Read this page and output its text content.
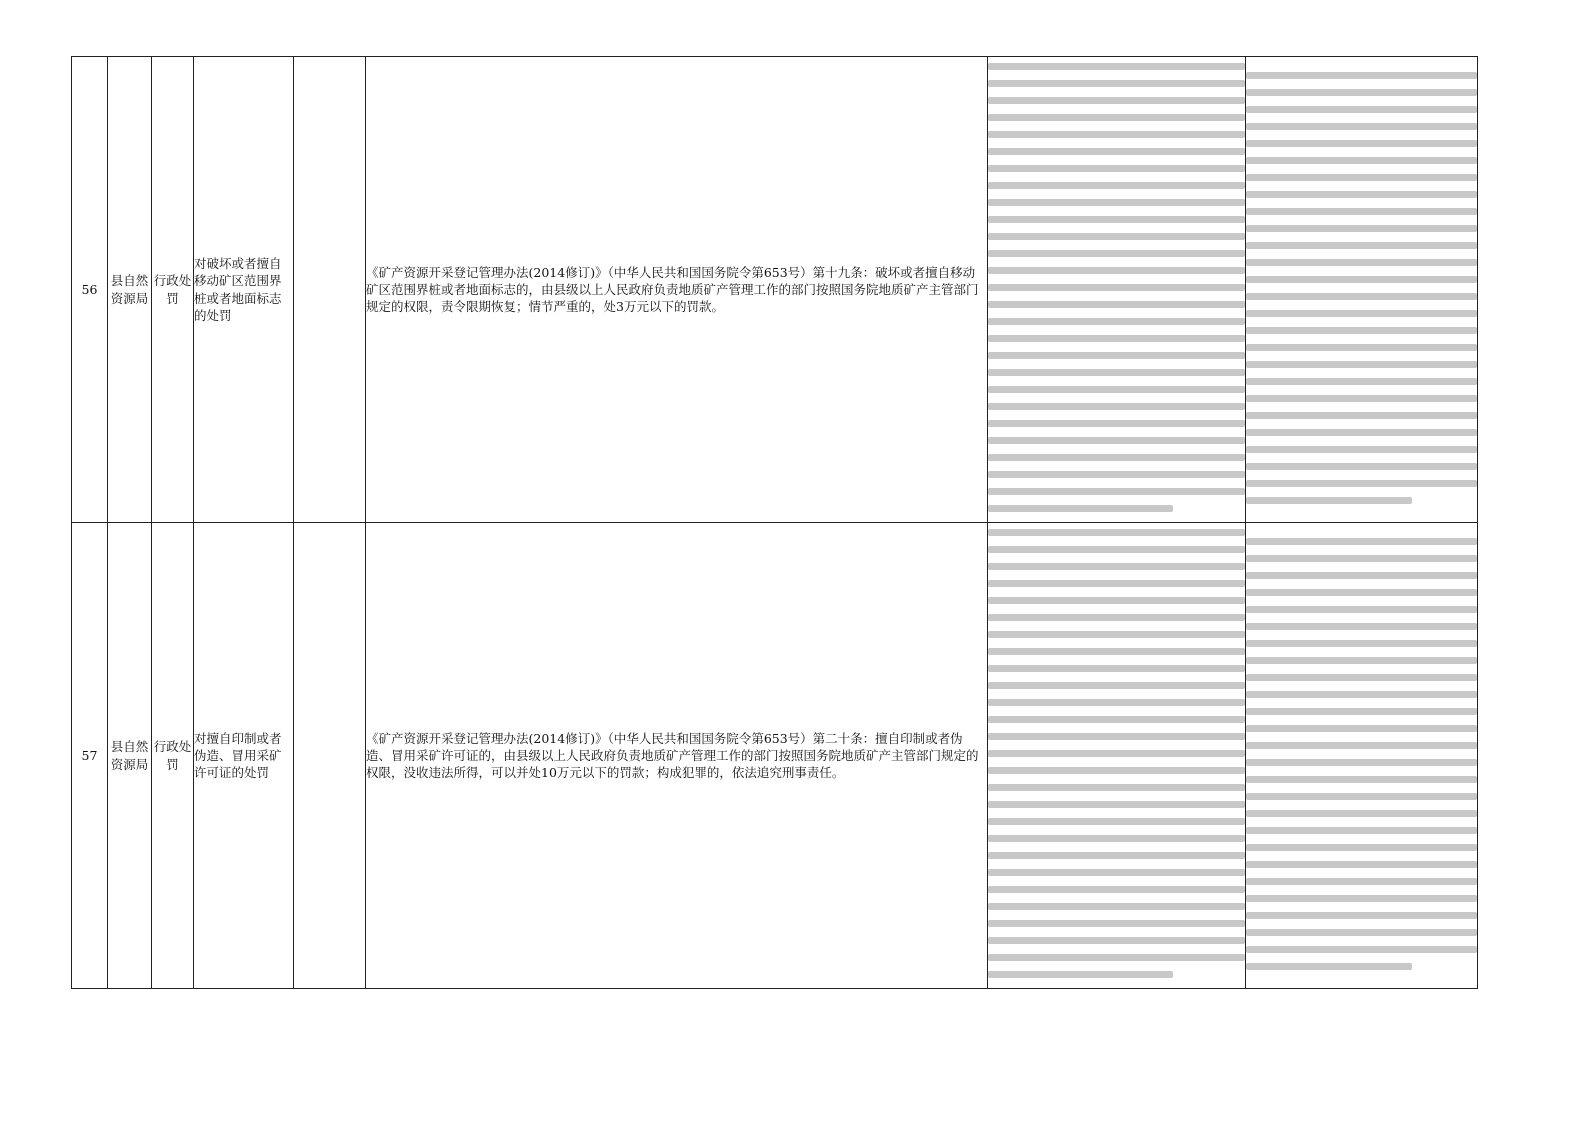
56	县自然资源局	行政处罚	对破坏或者擅自移动矿区范围界桩或者地面标志的处罚		《矿产资源开采登记管理办法(2014修订)》（中华人民共和国国务院令第653号）第十九条：破坏或者擅自移动矿区范围界桩或者地面标志的，由县级以上人民政府负责地质矿产管理工作的部门按照国务院地质矿产主管部门规定的权限，责令限期恢复；情节严重的，处3万元以下的罚款。	

57	县自然资源局	行政处罚	对擅自印制或者伪造、冒用采矿许可证的处罚		《矿产资源开采登记管理办法(2014修订)》（中华人民共和国国务院令第653号）第二十条：擅自印制或者伪造、冒用采矿许可证的，由县级以上人民政府负责地质矿产管理工作的部门按照国务院地质矿产主管部门规定的权限，没收违法所得，可以并处10万元以下的罚款；构成犯罪的，依法追究刑事责任。	
